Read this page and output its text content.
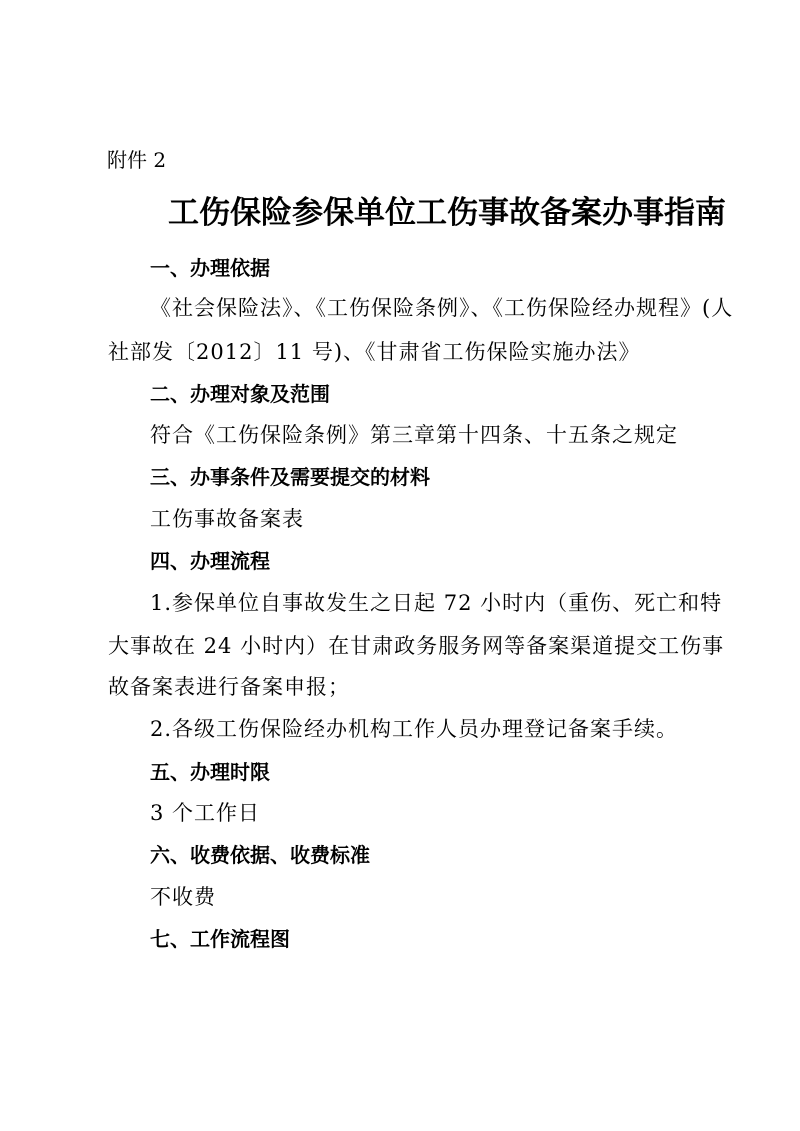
附件 2
工伤保险参保单位工伤事故备案办事指南
一、办理依据
《社会保险法》、《工伤保险条例》、《工伤保险经办规程》(人
社部发〔2012〕11 号)、《甘肃省工伤保险实施办法》
二、办理对象及范围
符合《工伤保险条例》第三章第十四条、十五条之规定
三、办事条件及需要提交的材料
工伤事故备案表
四、办理流程
1.参保单位自事故发生之日起 72 小时内（重伤、死亡和特
大事故在 24 小时内）在甘肃政务服务网等备案渠道提交工伤事
故备案表进行备案申报；
2.各级工伤保险经办机构工作人员办理登记备案手续。
五、办理时限
3 个工作日
六、收费依据、收费标准
不收费
七、工作流程图
